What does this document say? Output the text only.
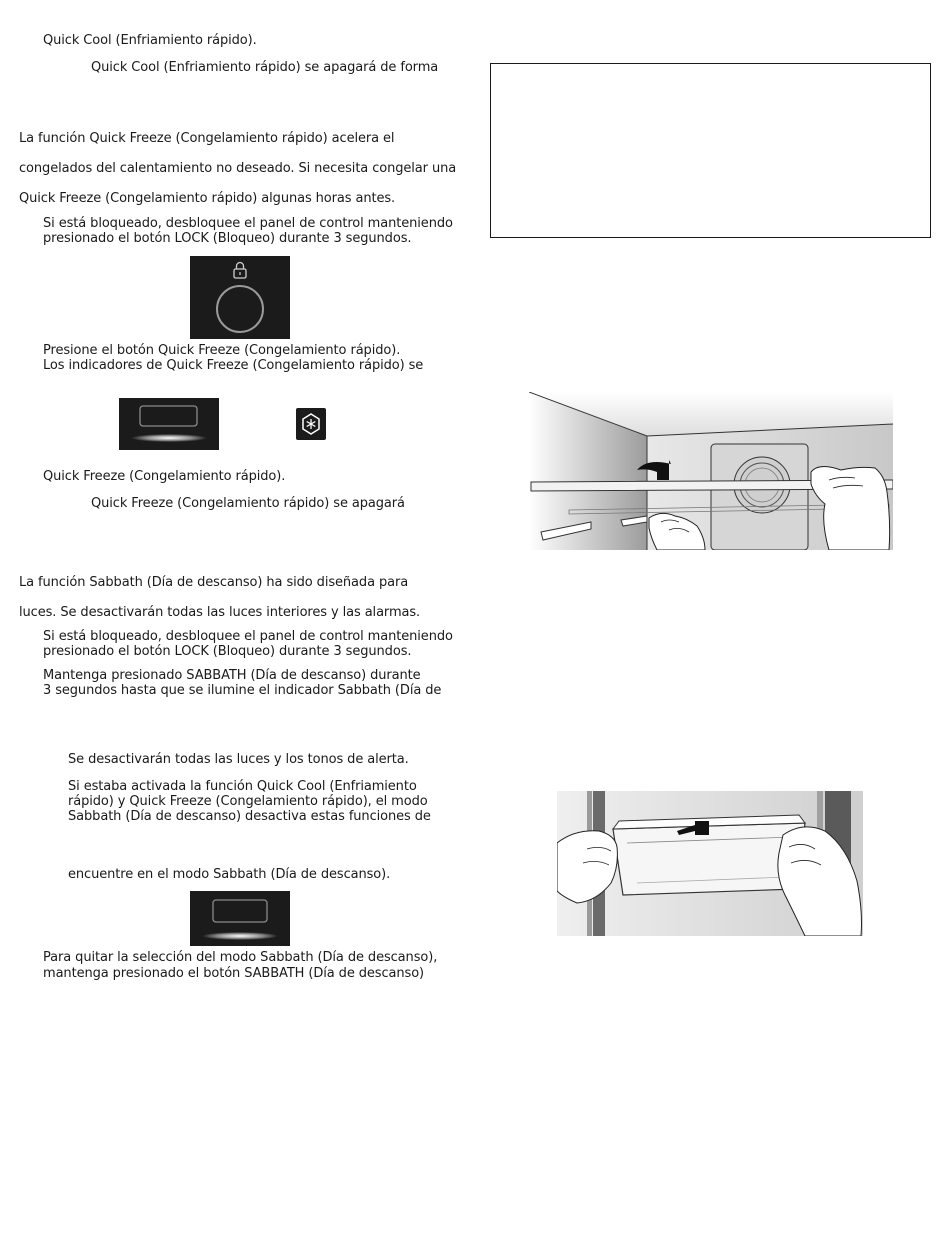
Quick Cool (Enfriamiento rápido).
Quick Cool (Enfriamiento rápido) se apagará de forma
La función Quick Freeze (Congelamiento rápido) acelera el
congelados del calentamiento no deseado. Si necesita congelar una
Quick Freeze (Congelamiento rápido) algunas horas antes.
Si está bloqueado, desbloquee el panel de control manteniendo
presionado el botón LOCK (Bloqueo) durante 3 segundos.
Presione el botón Quick Freeze (Congelamiento rápido).
Los indicadores de Quick Freeze (Congelamiento rápido) se
Quick Freeze (Congelamiento rápido).
Quick Freeze (Congelamiento rápido) se apagará
La función Sabbath (Día de descanso) ha sido diseñada para
luces. Se desactivarán todas las luces interiores y las alarmas.
Si está bloqueado, desbloquee el panel de control manteniendo
presionado el botón LOCK (Bloqueo) durante 3 segundos.
Mantenga presionado SABBATH (Día de descanso) durante
3 segundos hasta que se ilumine el indicador Sabbath (Día de
Se desactivarán todas las luces y los tonos de alerta.
Si estaba activada la función Quick Cool (Enfriamiento
rápido) y Quick Freeze (Congelamiento rápido), el modo
Sabbath (Día de descanso) desactiva estas funciones de
encuentre en el modo Sabbath (Día de descanso).
Para quitar la selección del modo Sabbath (Día de descanso),
mantenga presionado el botón SABBATH (Día de descanso)
